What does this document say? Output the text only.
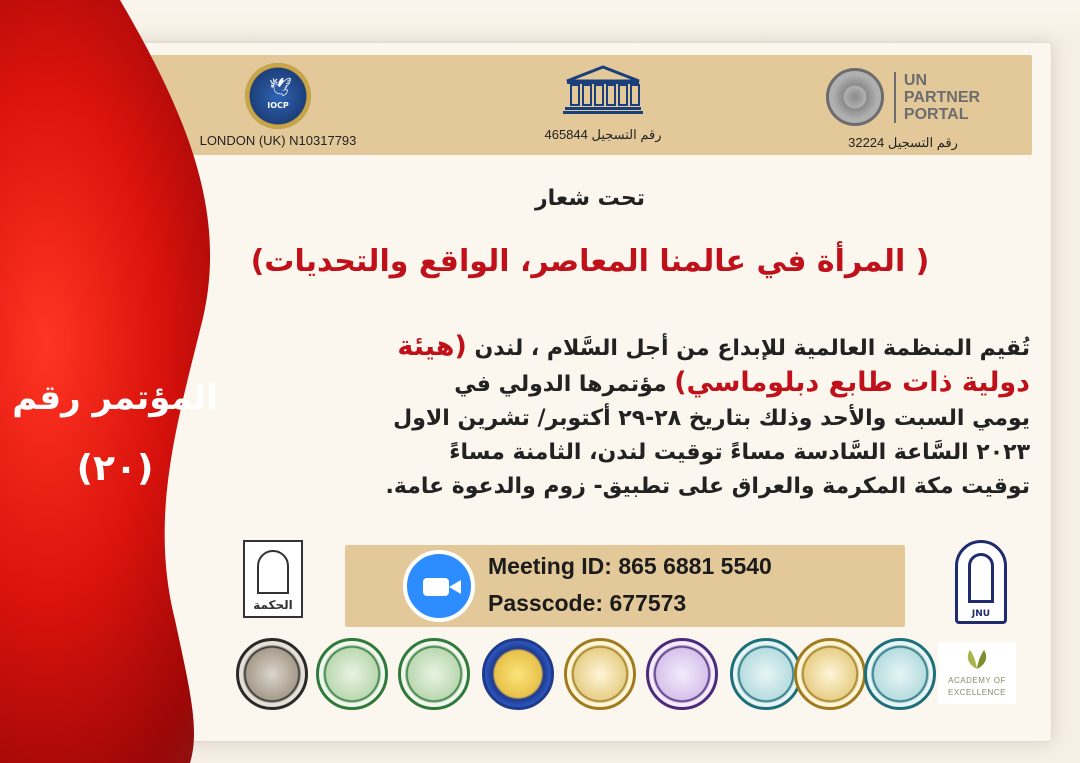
🕊
IOCP
LONDON (UK) N10317793	رقم التسجيل 465844
UN
PARTNER
PORTAL
رقم التسجيل 32224
المؤتمر رقم
(٢٠)
تحت شعار
( المرأة في عالمنا المعاصر، الواقع والتحديات)
تُقيم المنظمة العالمية للإبداع من أجل السَّلام ، لندن (هيئة
دولية ذات طابع دبلوماسي) مؤتمرها الدولي في
يومي السبت والأحد وذلك بتاريخ ٢٨-٢٩ أكتوبر/ تشرين الاول
٢٠٢٣ السَّاعة السَّادسة مساءً توقيت لندن، الثامنة مساءً
توقيت مكة المكرمة والعراق على تطبيق- زوم والدعوة عامة.
الحكمة
JNU
Meeting ID: 865 6881 5540
Passcode: 677573
ACADEMY OF
EXCELLENCE
